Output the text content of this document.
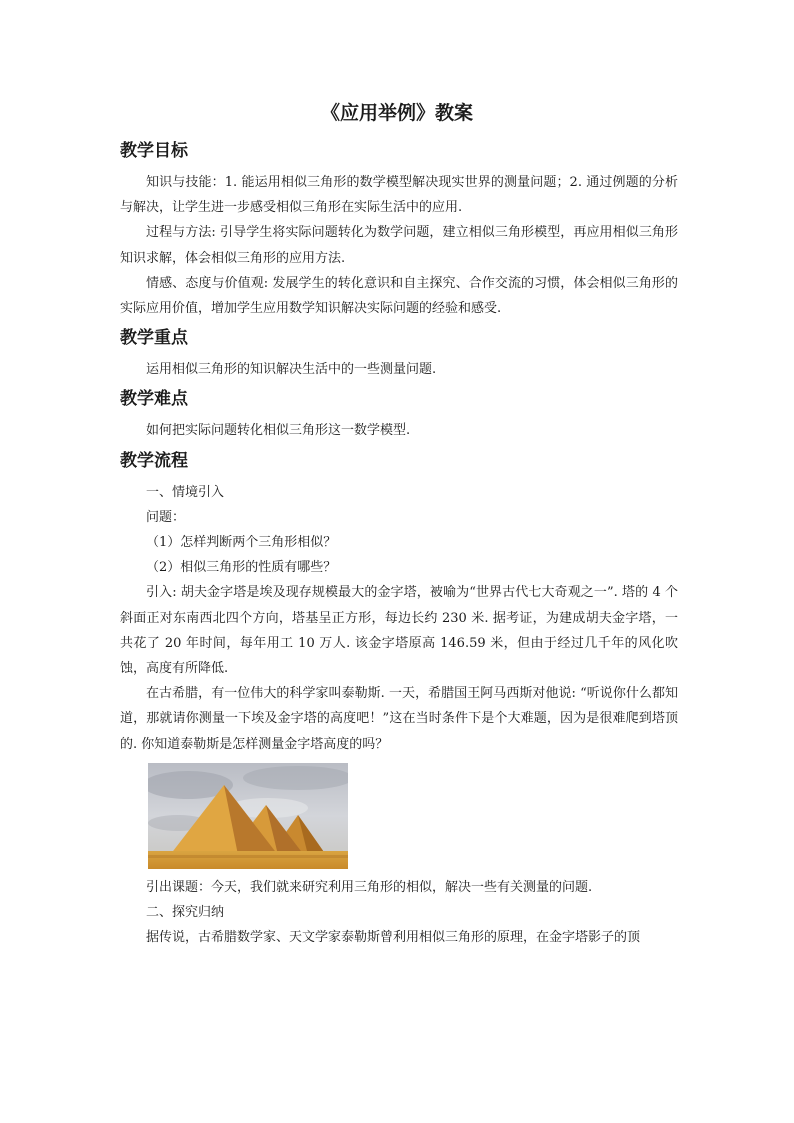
《应用举例》教案
教学目标

知识与技能：1. 能运用相似三角形的数学模型解决现实世界的测量问题；2. 通过例题的分析与解决，让学生进一步感受相似三角形在实际生活中的应用.

过程与方法: 引导学生将实际问题转化为数学问题，建立相似三角形模型，再应用相似三角形知识求解，体会相似三角形的应用方法.

情感、态度与价值观: 发展学生的转化意识和自主探究、合作交流的习惯，体会相似三角形的实际应用价值，增加学生应用数学知识解决实际问题的经验和感受.

教学重点

运用相似三角形的知识解决生活中的一些测量问题.

教学难点

如何把实际问题转化相似三角形这一数学模型.

教学流程

一、情境引入

问题：

（1）怎样判断两个三角形相似？

（2）相似三角形的性质有哪些？

引入: 胡夫金字塔是埃及现存规模最大的金字塔，被喻为“世界古代七大奇观之一”. 塔的 4 个斜面正对东南西北四个方向，塔基呈正方形，每边长约 230 米. 据考证，为建成胡夫金字塔，一共花了 20 年时间，每年用工 10 万人. 该金字塔原高 146.59 米，但由于经过几千年的风化吹蚀，高度有所降低.

在古希腊，有一位伟大的科学家叫泰勒斯. 一天，希腊国王阿马西斯对他说: “听说你什么都知道，那就请你测量一下埃及金字塔的高度吧！”这在当时条件下是个大难题，因为是很难爬到塔顶的. 你知道泰勒斯是怎样测量金字塔高度的吗？

引出课题：今天，我们就来研究利用三角形的相似，解决一些有关测量的问题.

二、探究归纳

据传说，古希腊数学家、天文学家泰勒斯曾利用相似三角形的原理，在金字塔影子的顶
